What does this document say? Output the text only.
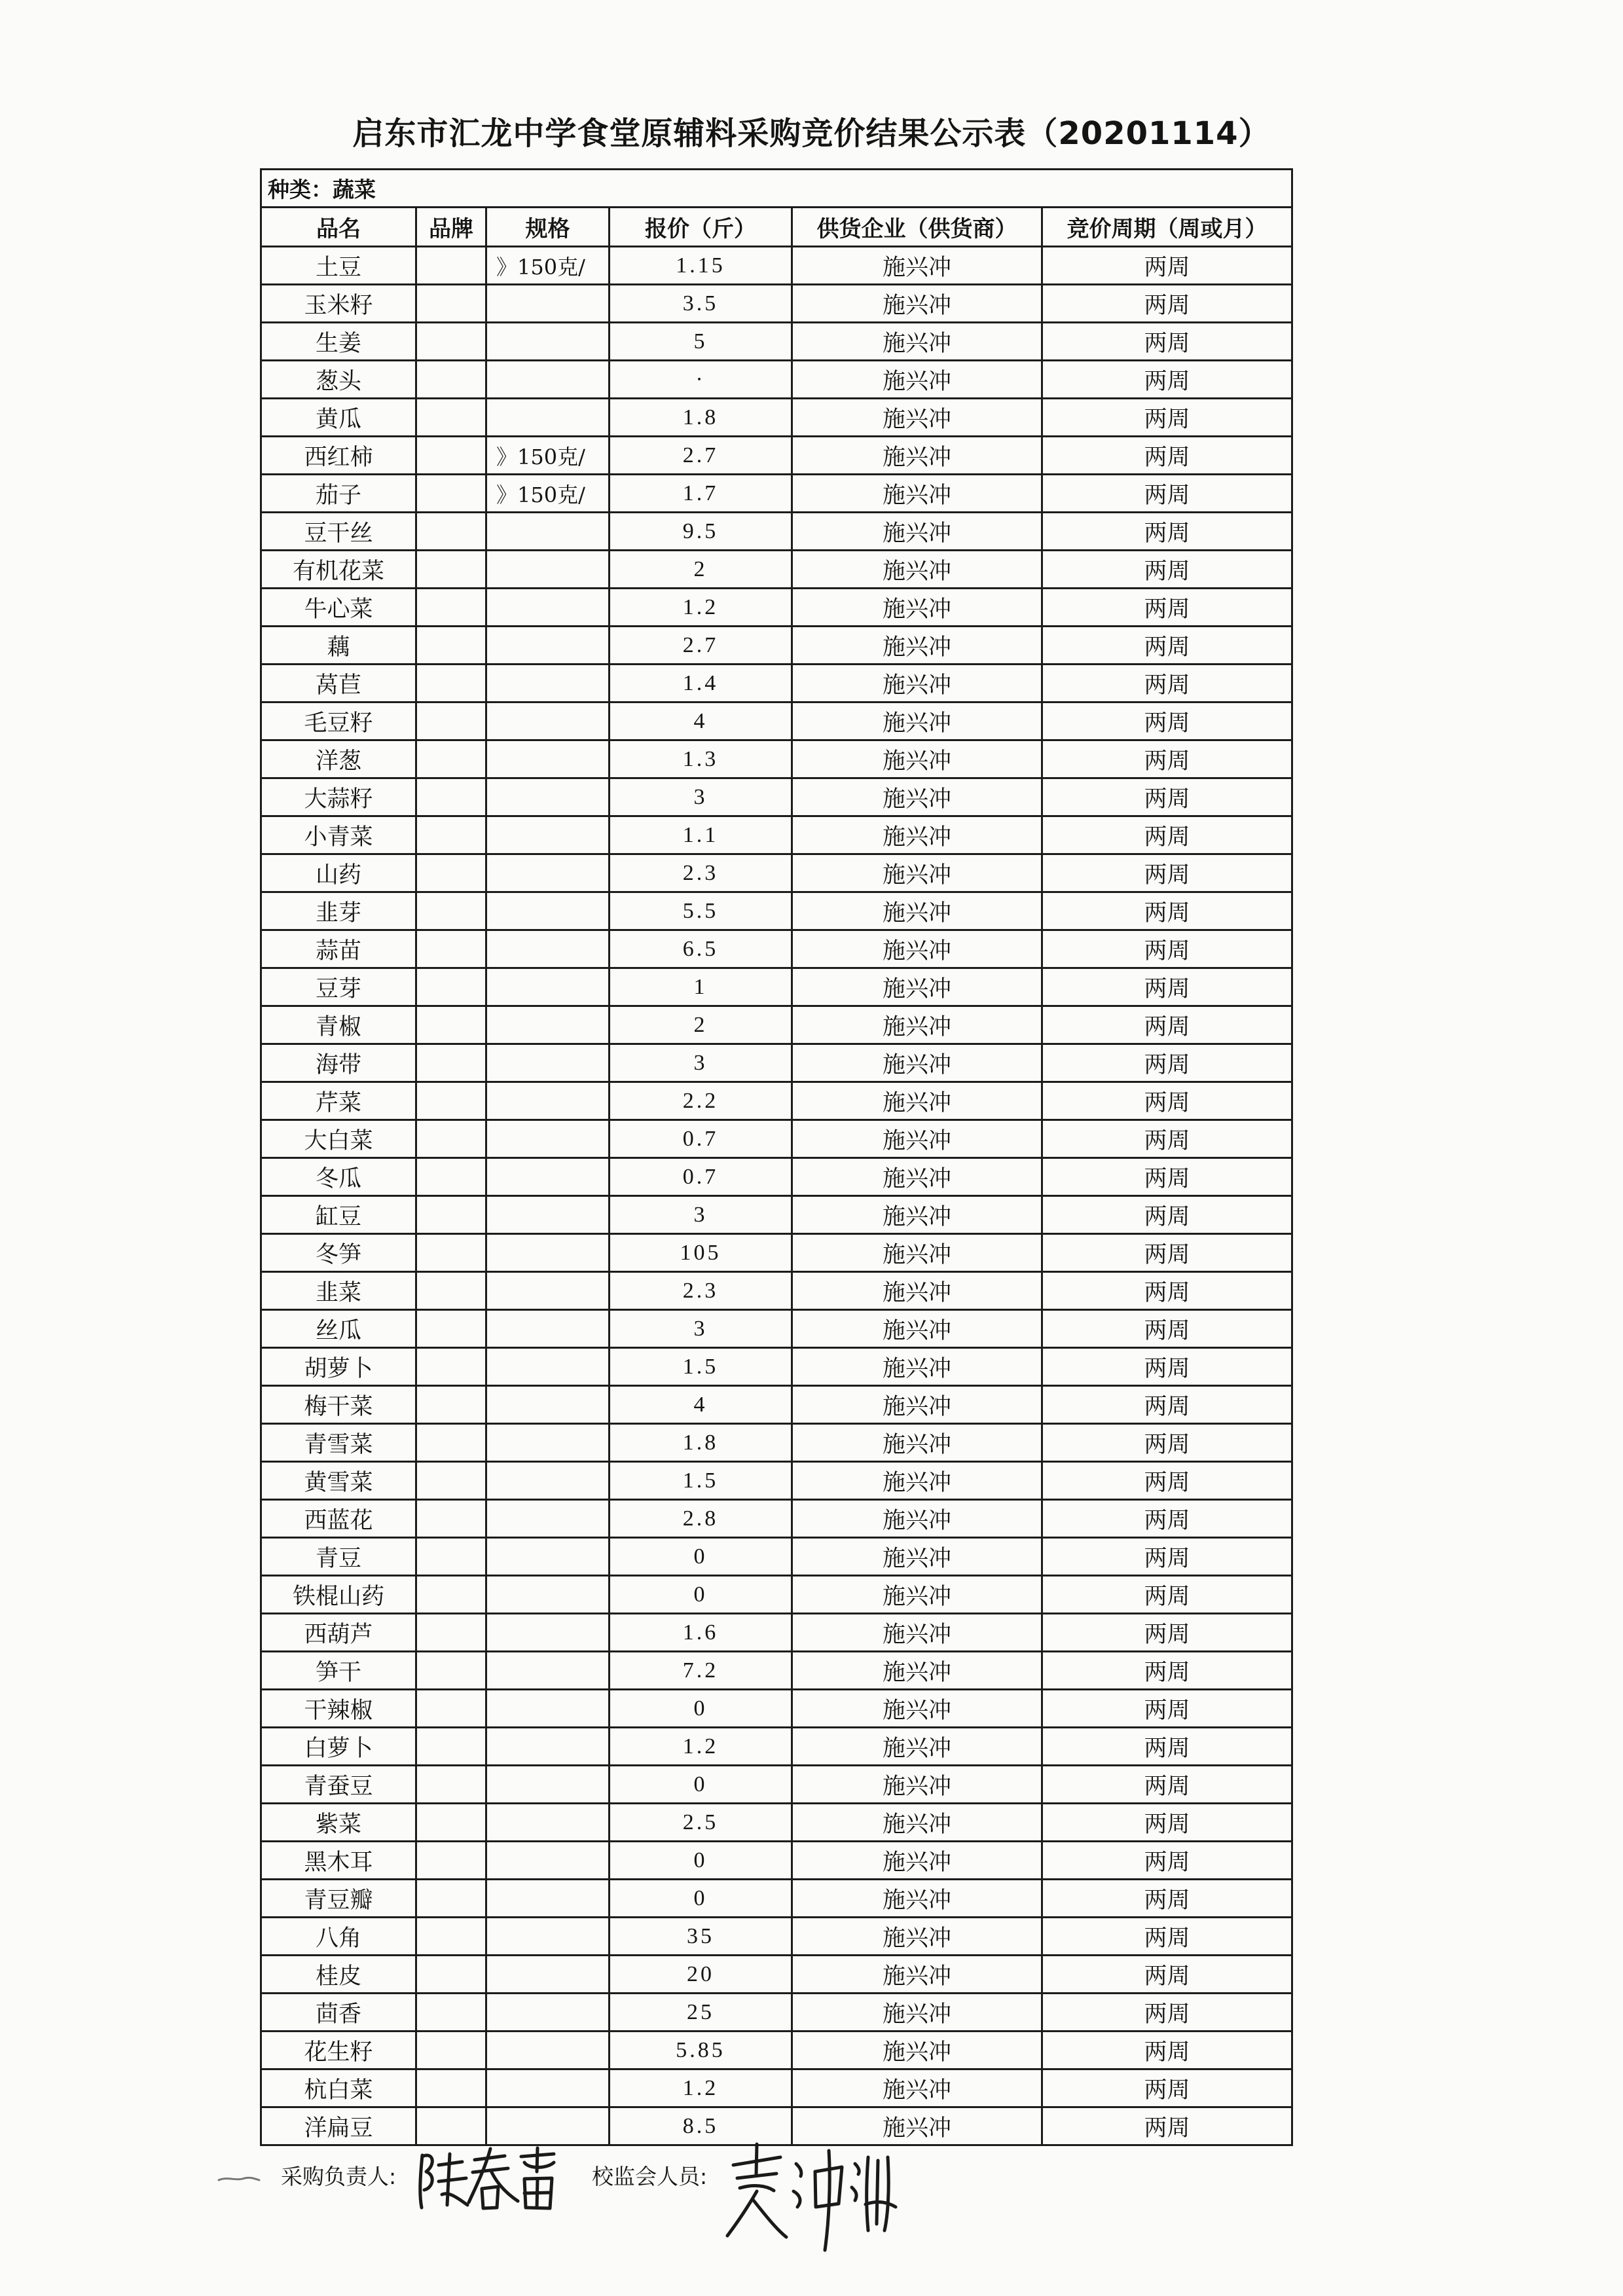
启东市汇龙中学食堂原辅料采购竞价结果公示表（20201114）
种类：蔬菜					
品名	品牌	规格	报价（斤）	供货企业（供货商）	竞价周期（周或月）
土豆		》150克/	1.15	施兴冲	两周
玉米籽			3.5	施兴冲	两周
生姜			5	施兴冲	两周
葱头			·	施兴冲	两周
黄瓜			1.8	施兴冲	两周
西红柿		》150克/	2.7	施兴冲	两周
茄子		》150克/	1.7	施兴冲	两周
豆干丝			9.5	施兴冲	两周
有机花菜			2	施兴冲	两周
牛心菜			1.2	施兴冲	两周
藕			2.7	施兴冲	两周
莴苣			1.4	施兴冲	两周
毛豆籽			4	施兴冲	两周
洋葱			1.3	施兴冲	两周
大蒜籽			3	施兴冲	两周
小青菜			1.1	施兴冲	两周
山药			2.3	施兴冲	两周
韭芽			5.5	施兴冲	两周
蒜苗			6.5	施兴冲	两周
豆芽			1	施兴冲	两周
青椒			2	施兴冲	两周
海带			3	施兴冲	两周
芹菜			2.2	施兴冲	两周
大白菜			0.7	施兴冲	两周
冬瓜			0.7	施兴冲	两周
缸豆			3	施兴冲	两周
冬笋			105	施兴冲	两周
韭菜			2.3	施兴冲	两周
丝瓜			3	施兴冲	两周
胡萝卜			1.5	施兴冲	两周
梅干菜			4	施兴冲	两周
青雪菜			1.8	施兴冲	两周
黄雪菜			1.5	施兴冲	两周
西蓝花			2.8	施兴冲	两周
青豆			0	施兴冲	两周
铁棍山药			0	施兴冲	两周
西葫芦			1.6	施兴冲	两周
笋干			7.2	施兴冲	两周
干辣椒			0	施兴冲	两周
白萝卜			1.2	施兴冲	两周
青蚕豆			0	施兴冲	两周
紫菜			2.5	施兴冲	两周
黑木耳			0	施兴冲	两周
青豆瓣			0	施兴冲	两周
八角			35	施兴冲	两周
桂皮			20	施兴冲	两周
茴香			25	施兴冲	两周
花生籽			5.85	施兴冲	两周
杭白菜			1.2	施兴冲	两周
洋扁豆			8.5	施兴冲	两周
采购负责人:	校监会人员:
